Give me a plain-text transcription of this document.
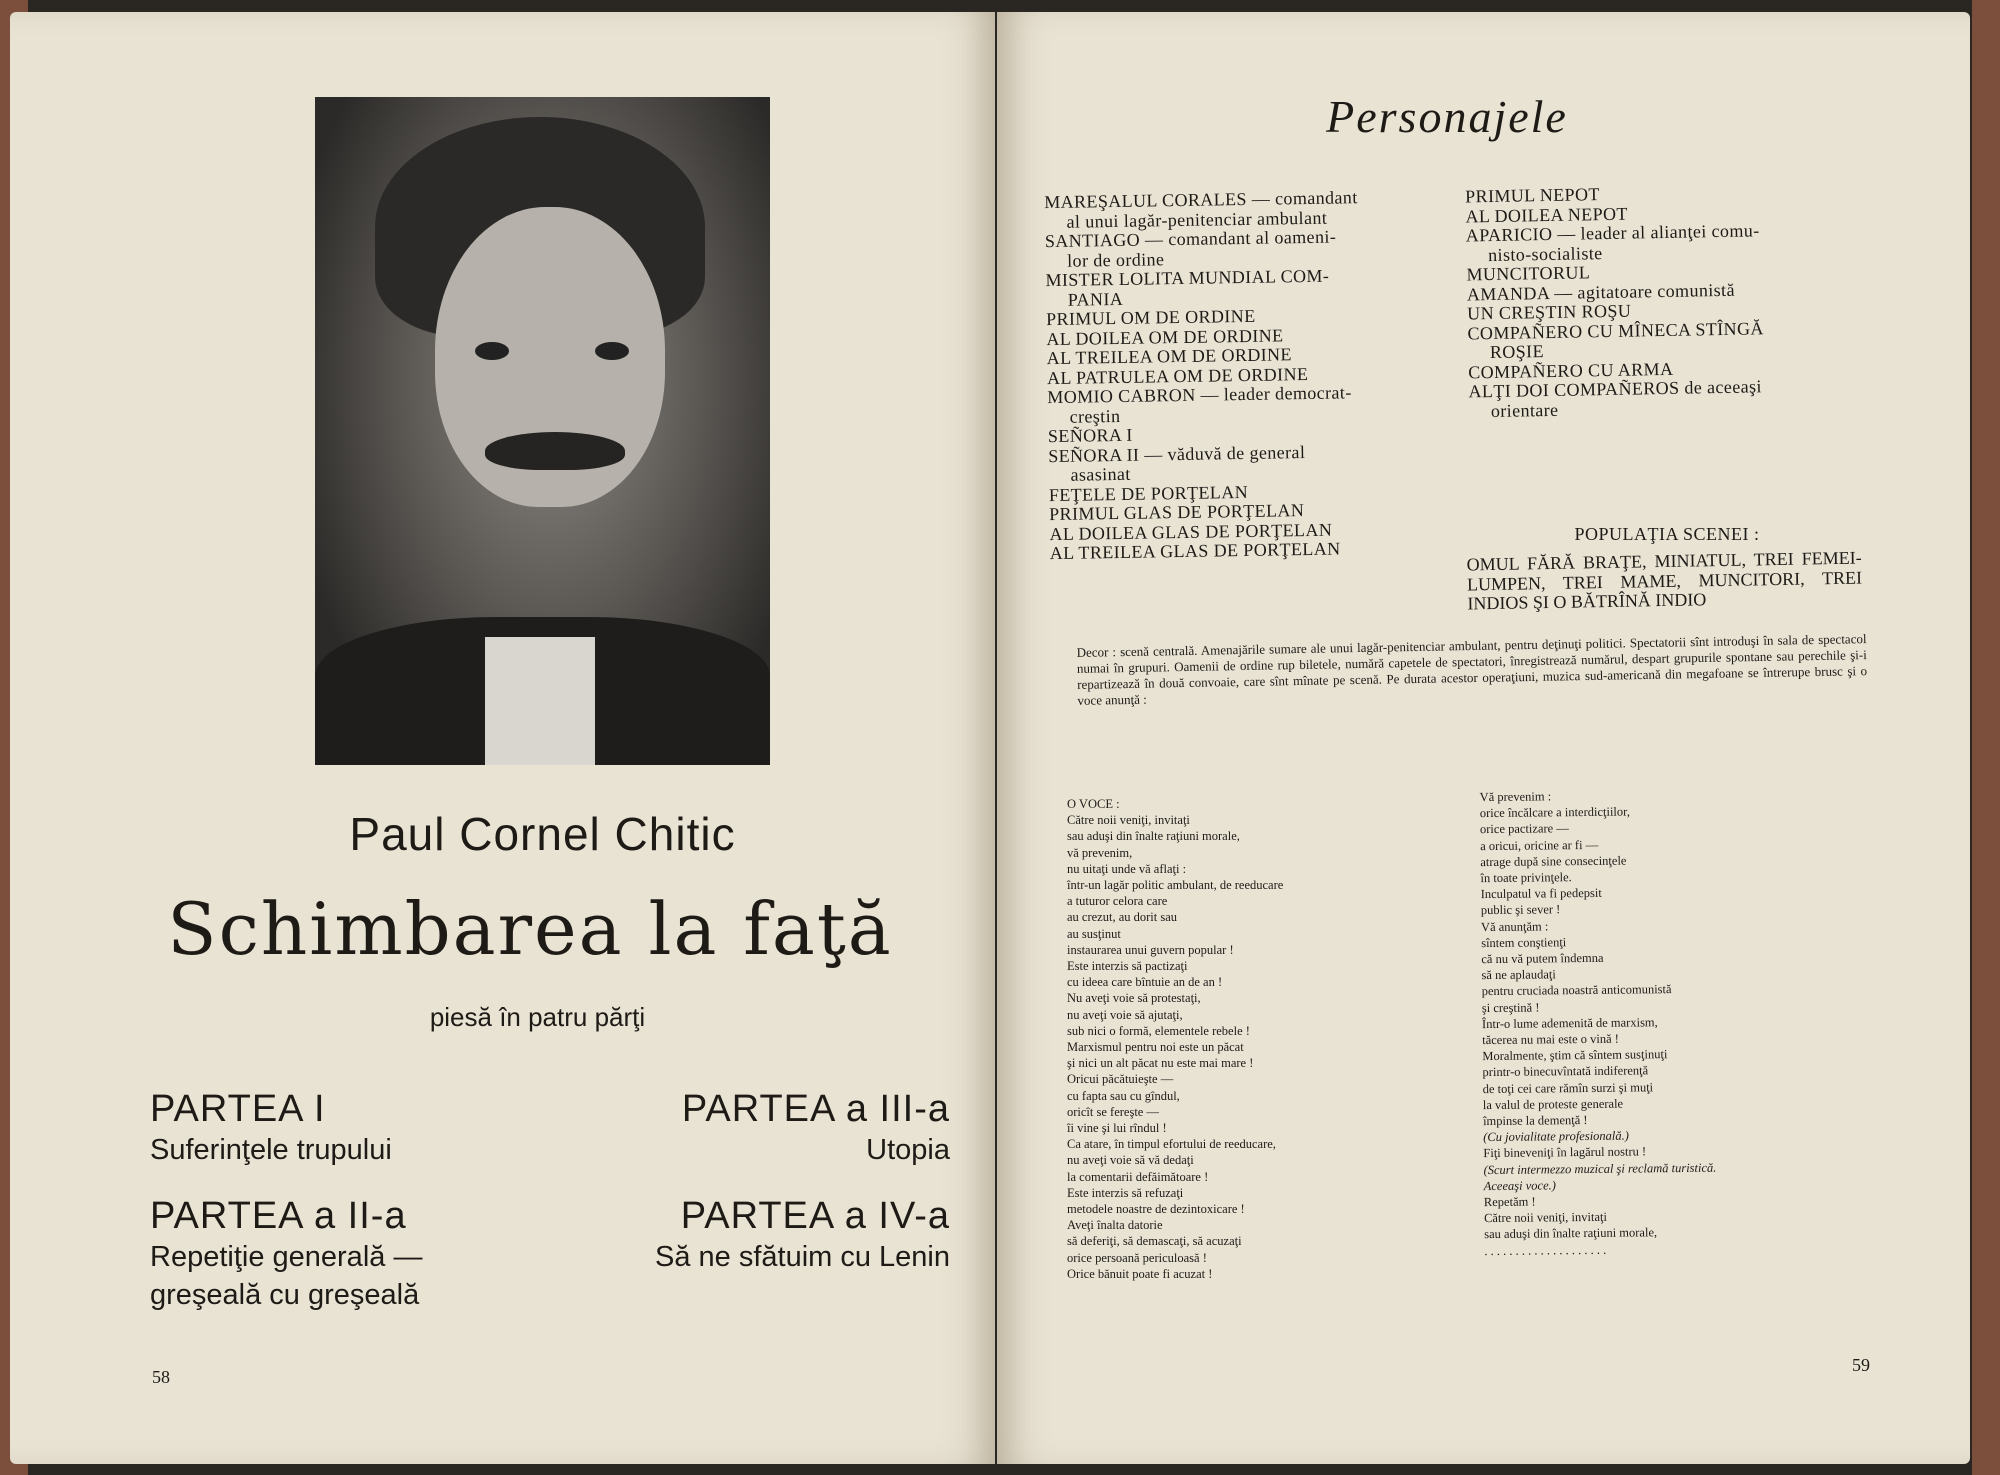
Paul Cornel Chitic
Schimbarea la faţă
piesă în patru părţi
PARTEA I
Suferinţele trupului
PARTEA a II-a
Repetiţie generală —
greşeală cu greşeală
PARTEA a III-a
Utopia
PARTEA a IV-a
Să ne sfătuim cu Lenin
58
Personajele
MAREŞALUL CORALES — comandant
al unui lagăr-penitenciar ambulant
SANTIAGO — comandant al oameni-
lor de ordine
MISTER LOLITA MUNDIAL COM-
PANIA
PRIMUL OM DE ORDINE
AL DOILEA OM DE ORDINE
AL TREILEA OM DE ORDINE
AL PATRULEA OM DE ORDINE
MOMIO CABRON — leader democrat-
creştin
SEÑORA I
SEÑORA II — văduvă de general
asasinat
FEŢELE DE PORŢELAN
PRIMUL GLAS DE PORŢELAN
AL DOILEA GLAS DE PORŢELAN
AL TREILEA GLAS DE PORŢELAN
PRIMUL NEPOT
AL DOILEA NEPOT
APARICIO — leader al alianţei comu-
nisto-socialiste
MUNCITORUL
AMANDA — agitatoare comunistă
UN CREŞTIN ROŞU
COMPAÑERO CU MÎNECA STÎNGĂ
ROŞIE
COMPAÑERO CU ARMA
ALŢI DOI COMPAÑEROS de aceeaşi
orientare
POPULAŢIA SCENEI :
OMUL FĂRĂ BRAŢE, MINIATUL, TREI FEMEI-LUMPEN, TREI MAME, MUNCITORI, TREI INDIOS ŞI O BĂTRÎNĂ INDIO
Decor : scenă centrală. Amenajările sumare ale unui lagăr-penitenciar ambulant, pentru deţinuţi politici. Spectatorii sînt introduşi în sala de spectacol numai în grupuri. Oamenii de ordine rup biletele, numără capetele de spectatori, înregistrează numărul, despart grupurile spontane sau perechile şi-i repartizează în două convoaie, care sînt mînate pe scenă. Pe durata acestor operaţiuni, muzica sud-americană din megafoane se întrerupe brusc şi o voce anunţă :
O VOCE :
Către noii veniţi, invitaţi
sau aduşi din înalte raţiuni morale,
vă prevenim,
nu uitaţi unde vă aflaţi :
într-un lagăr politic ambulant, de reeducare
a tuturor celora care
au crezut, au dorit sau
au susţinut
instaurarea unui guvern popular !
Este interzis să pactizaţi
cu ideea care bîntuie an de an !
Nu aveţi voie să protestaţi,
nu aveţi voie să ajutaţi,
sub nici o formă, elementele rebele !
Marxismul pentru noi este un păcat
şi nici un alt păcat nu este mai mare !
Oricui păcătuieşte —
cu fapta sau cu gîndul,
oricît se fereşte —
îi vine şi lui rîndul !
Ca atare, în timpul efortului de reeducare,
nu aveţi voie să vă dedaţi
la comentarii defăimătoare !
Este interzis să refuzaţi
metodele noastre de dezintoxicare !
Aveţi înalta datorie
să deferiţi, să demascaţi, să acuzaţi
orice persoană periculoasă !
Orice bănuit poate fi acuzat !
Vă prevenim :
orice încălcare a interdicţiilor,
orice pactizare —
a oricui, oricine ar fi —
atrage după sine consecinţele
în toate privinţele.
Inculpatul va fi pedepsit
public şi sever !
Vă anunţăm :
sîntem conştienţi
că nu vă putem îndemna
să ne aplaudaţi
pentru cruciada noastră anticomunistă
şi creştină !
Într-o lume ademenită de marxism,
tăcerea nu mai este o vină !
Moralmente, ştim că sîntem susţinuţi
printr-o binecuvîntată indiferenţă
de toţi cei care rămîn surzi şi muţi
la valul de proteste generale
împinse la demenţă !
(Cu jovialitate profesională.)
Fiţi bineveniţi în lagărul nostru !
(Scurt intermezzo muzical şi reclamă turistică.
Aceeaşi voce.)
Repetăm !
Către noii veniţi, invitaţi
sau aduşi din înalte raţiuni morale,
. . . . . . . . . . . . . . . . . . . .
59
